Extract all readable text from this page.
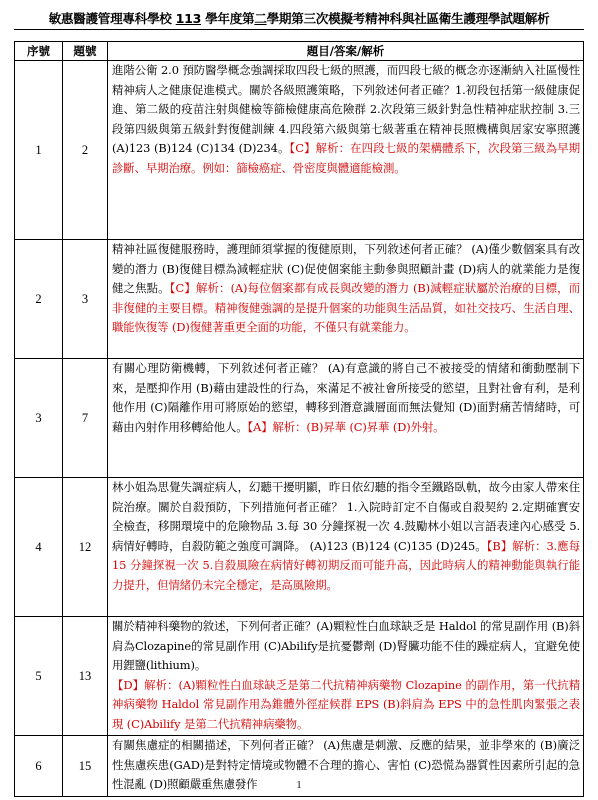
敏惠醫護管理專科學校 113 學年度第二學期第三次模擬考精神科與社區衛生護理學試題解析
序號	題號	題目/答案/解析
1	2	進階公衛 2.0 預防醫學概念強調採取四段七級的照護，而四段七級的概念亦逐漸納入社區慢性精神病人之健康促進模式。關於各級照護策略，下列敘述何者正確？1.初段包括第一級健康促進、第二級的疫苗注射與健檢等篩檢健康高危險群 2.次段第三級針對急性精神症狀控制 3.三段第四級與第五級針對復健訓練 4.四段第六級與第七級著重在精神長照機構與居家安寧照護 (A)123 (B)124 (C)134 (D)234。【C】解析：在四段七級的架構體系下，次段第三級為早期診斷、早期治療。例如：篩檢癌症、骨密度與體適能檢測。
2	3	精神社區復健服務時，護理師須掌握的復健原則，下列敘述何者正確？ (A)僅少數個案具有改變的潛力 (B)復健目標為減輕症狀 (C)促使個案能主動參與照顧計畫 (D)病人的就業能力是復健之焦點。【C】解析：(A)每位個案都有成長與改變的潛力 (B)減輕症狀屬於治療的目標，而非復健的主要目標。精神復健強調的是提升個案的功能與生活品質，如社交技巧、生活自理、職能恢復等 (D)復健著重更全面的功能，不僅只有就業能力。
3	7	有關心理防衛機轉，下列敘述何者正確？ (A)有意識的將自己不被接受的情緒和衝動壓制下來，是壓抑作用 (B)藉由建設性的行為，來滿足不被社會所接受的慾望，且對社會有利，是利他作用 (C)隔離作用可將原始的慾望，轉移到潛意識層面而無法覺知 (D)面對痛苦情緒時，可藉由內射作用移轉給他人。【A】解析：(B)昇華 (C)昇華 (D)外射。
4	12	林小姐為思覺失調症病人，幻聽干擾明顯，昨日依幻聽的指令至鐵路臥軌，故今由家人帶來住院治療。關於自殺預防，下列措施何者正確？ 1.入院時訂定不自傷或自殺契約 2.定期確實安全檢查，移開環境中的危險物品 3.每 30 分鐘探視一次 4.鼓勵林小姐以言語表達內心感受 5.病情好轉時，自殺防範之強度可調降。 (A)123 (B)124 (C)135 (D)245。【B】解析：3.應每 15 分鐘探視一次 5.自殺風險在病情好轉初期反而可能升高，因此時病人的精神動能與執行能力提升，但情緒仍未完全穩定，是高風險期。
5	13	關於精神科藥物的敘述，下列何者正確？(A)顆粒性白血球缺乏是 Haldol 的常見副作用 (B)斜肩為Clozapine的常見副作用 (C)Abilify是抗憂鬱劑 (D)腎臟功能不佳的躁症病人，宜避免使用鋰鹽(lithium)。
【D】解析：(A)顆粒性白血球缺乏是第二代抗精神病藥物 Clozapine 的副作用，第一代抗精神病藥物 Haldol 常見副作用為錐體外徑症候群 EPS (B)斜肩為 EPS 中的急性肌肉緊張之表現 (C)Abilify 是第二代抗精神病藥物。
6	15	有關焦慮症的相關描述，下列何者正確？ (A)焦慮是刺激、反應的結果，並非學來的 (B)廣泛性焦慮疾患(GAD)是對特定情境或物體不合理的擔心、害怕 (C)恐慌為器質性因素所引起的急性混亂 (D)照顧嚴重焦慮發作	1
